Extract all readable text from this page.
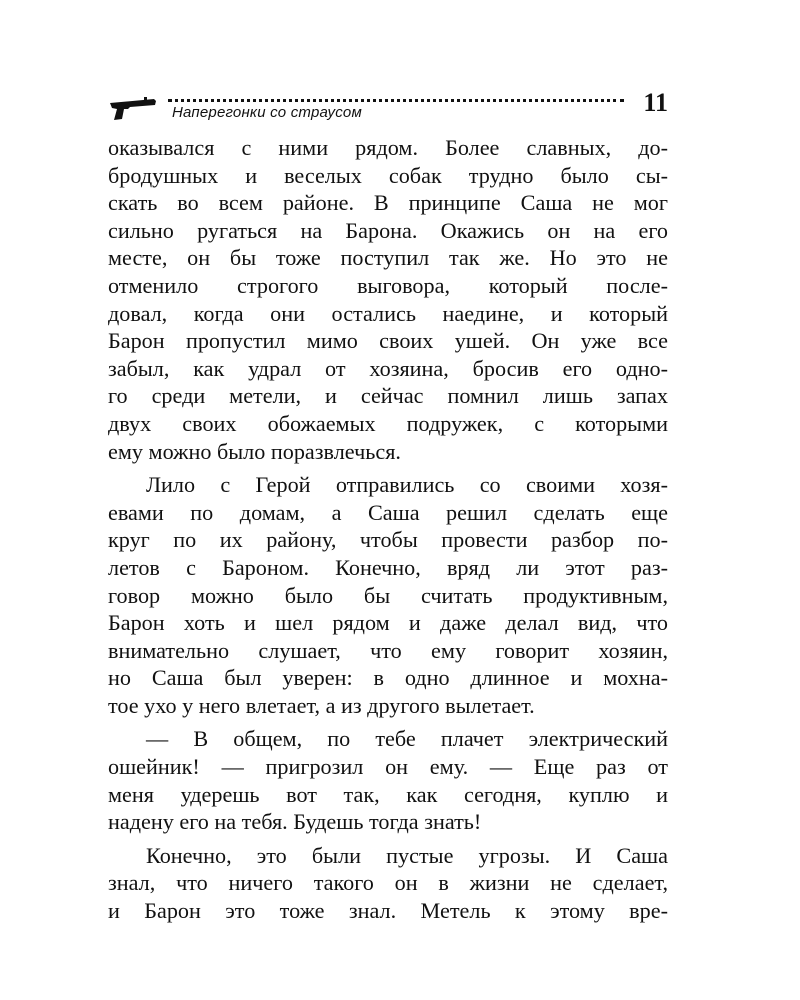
Наперегонки со страусом	11
оказывался с ними рядом. Более славных, до-
бродушных и веселых собак трудно было сы-
скать во всем районе. В принципе Саша не мог
сильно ругаться на Барона. Окажись он на его
месте, он бы тоже поступил так же. Но это не
отменило строгого выговора, который после-
довал, когда они остались наедине, и который
Барон пропустил мимо своих ушей. Он уже все
забыл, как удрал от хозяина, бросив его одно-
го среди метели, и сейчас помнил лишь запах
двух своих обожаемых подружек, с которыми
ему можно было поразвлечься.
Лило с Герой отправились со своими хозя-
евами по домам, а Саша решил сделать еще
круг по их району, чтобы провести разбор по-
летов с Бароном. Конечно, вряд ли этот раз-
говор можно было бы считать продуктивным,
Барон хоть и шел рядом и даже делал вид, что
внимательно слушает, что ему говорит хозяин,
но Саша был уверен: в одно длинное и мохна-
тое ухо у него влетает, а из другого вылетает.
— В общем, по тебе плачет электрический
ошейник! — пригрозил он ему. — Еще раз от
меня удерешь вот так, как сегодня, куплю и
надену его на тебя. Будешь тогда знать!
Конечно, это были пустые угрозы. И Саша
знал, что ничего такого он в жизни не сделает,
и Барон это тоже знал. Метель к этому вре-
